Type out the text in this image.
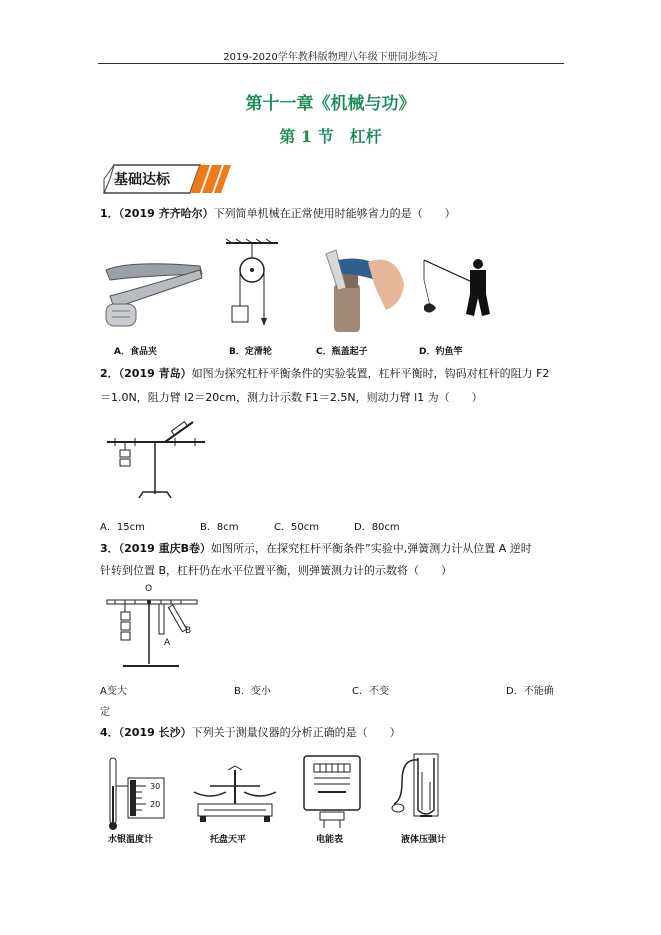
2019-2020学年教科版物理八年级下册同步练习
第十一章《机械与功》
第 1 节　杠杆
基础达标
1．（2019 齐齐哈尔）下列简单机械在正常使用时能够省力的是（　　）
A．食品夹	B．定滑轮	C．瓶盖起子	D．钓鱼竿
2．（2019 青岛）如图为探究杠杆平衡条件的实验装置，杠杆平衡时，钩码对杠杆的阻力 F2
＝1.0N，阻力臂 l2＝20cm，测力计示数 F1＝2.5N，则动力臂 l1 为（　　）
A．15cm	B．8cm	C．50cm	D．80cm
3．（2019 重庆B卷）如图所示，在探究杠杆平衡条件”实验中,弹簧测力计从位置 A 逆时
针转到位置 B，杠杆仍在水平位置平衡，则弹簧测力计的示数将（　　）
O
A
B
A变大	B．变小	C．不变	D．不能确
定
4．（2019 长沙）下列关于测量仪器的分析正确的是（　　）
30
20
水银温度计	托盘天平	电能表	液体压强计
